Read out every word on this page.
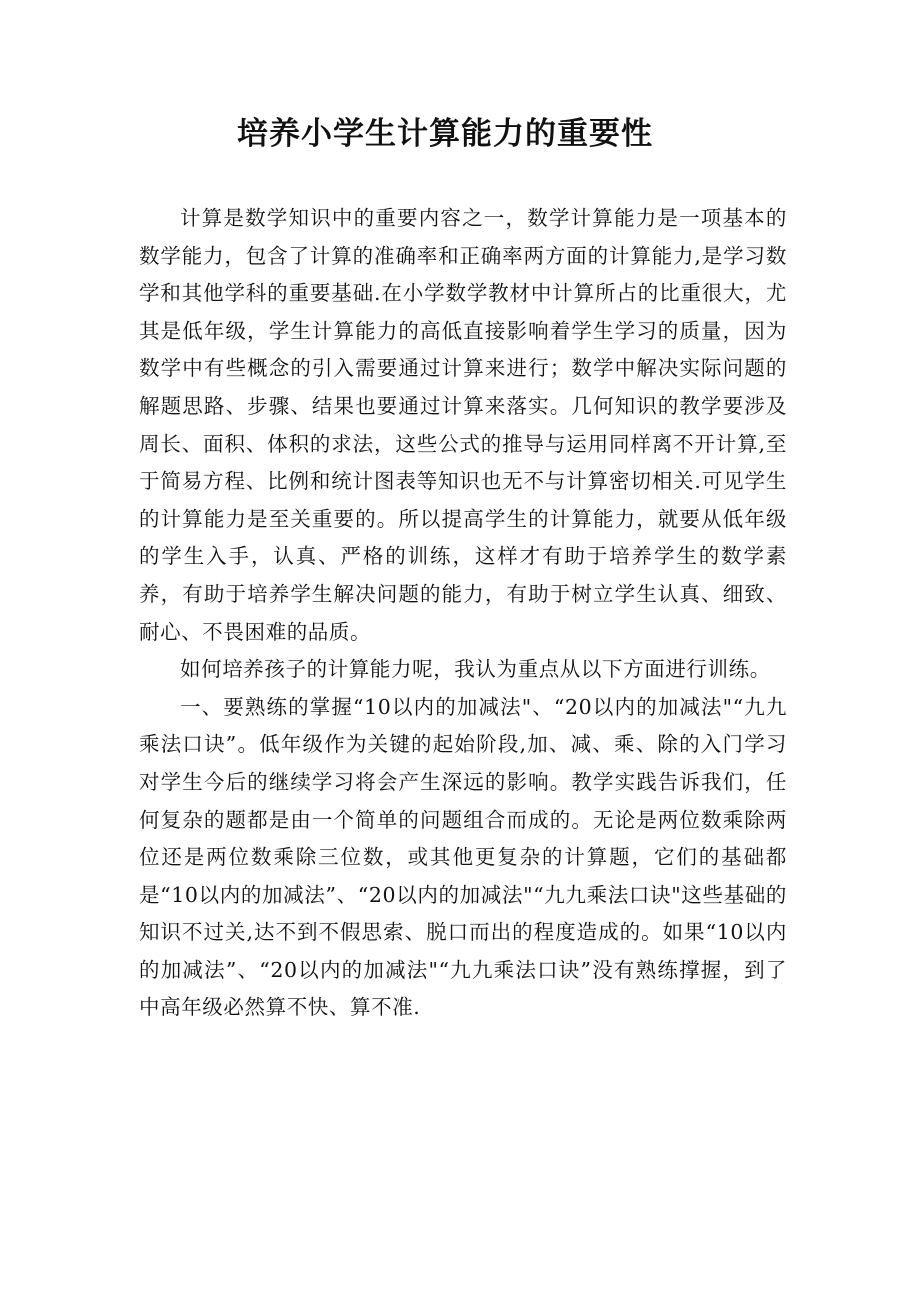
培养小学生计算能力的重要性

计算是数学知识中的重要内容之一，数学计算能力是一项基本的数学能力，包含了计算的准确率和正确率两方面的计算能力,是学习数学和其他学科的重要基础.在小学数学教材中计算所占的比重很大，尤其是低年级，学生计算能力的高低直接影响着学生学习的质量，因为数学中有些概念的引入需要通过计算来进行；数学中解决实际问题的解题思路、步骤、结果也要通过计算来落实。几何知识的教学要涉及周长、面积、体积的求法，这些公式的推导与运用同样离不开计算,至于简易方程、比例和统计图表等知识也无不与计算密切相关.可见学生的计算能力是至关重要的。所以提高学生的计算能力，就要从低年级的学生入手，认真、严格的训练，这样才有助于培养学生的数学素养，有助于培养学生解决问题的能力，有助于树立学生认真、细致、耐心、不畏困难的品质。

如何培养孩子的计算能力呢，我认为重点从以下方面进行训练。

一、要熟练的掌握“10以内的加减法"、“20以内的加减法"“九九乘法口诀”。低年级作为关键的起始阶段,加、减、乘、除的入门学习对学生今后的继续学习将会产生深远的影响。教学实践告诉我们，任何复杂的题都是由一个简单的问题组合而成的。无论是两位数乘除两位还是两位数乘除三位数，或其他更复杂的计算题，它们的基础都是“10以内的加减法”、“20以内的加减法"“九九乘法口诀"这些基础的知识不过关,达不到不假思索、脱口而出的程度造成的。如果“10以内的加减法”、“20以内的加减法"“九九乘法口诀”没有熟练撑握，到了中高年级必然算不快、算不准.
